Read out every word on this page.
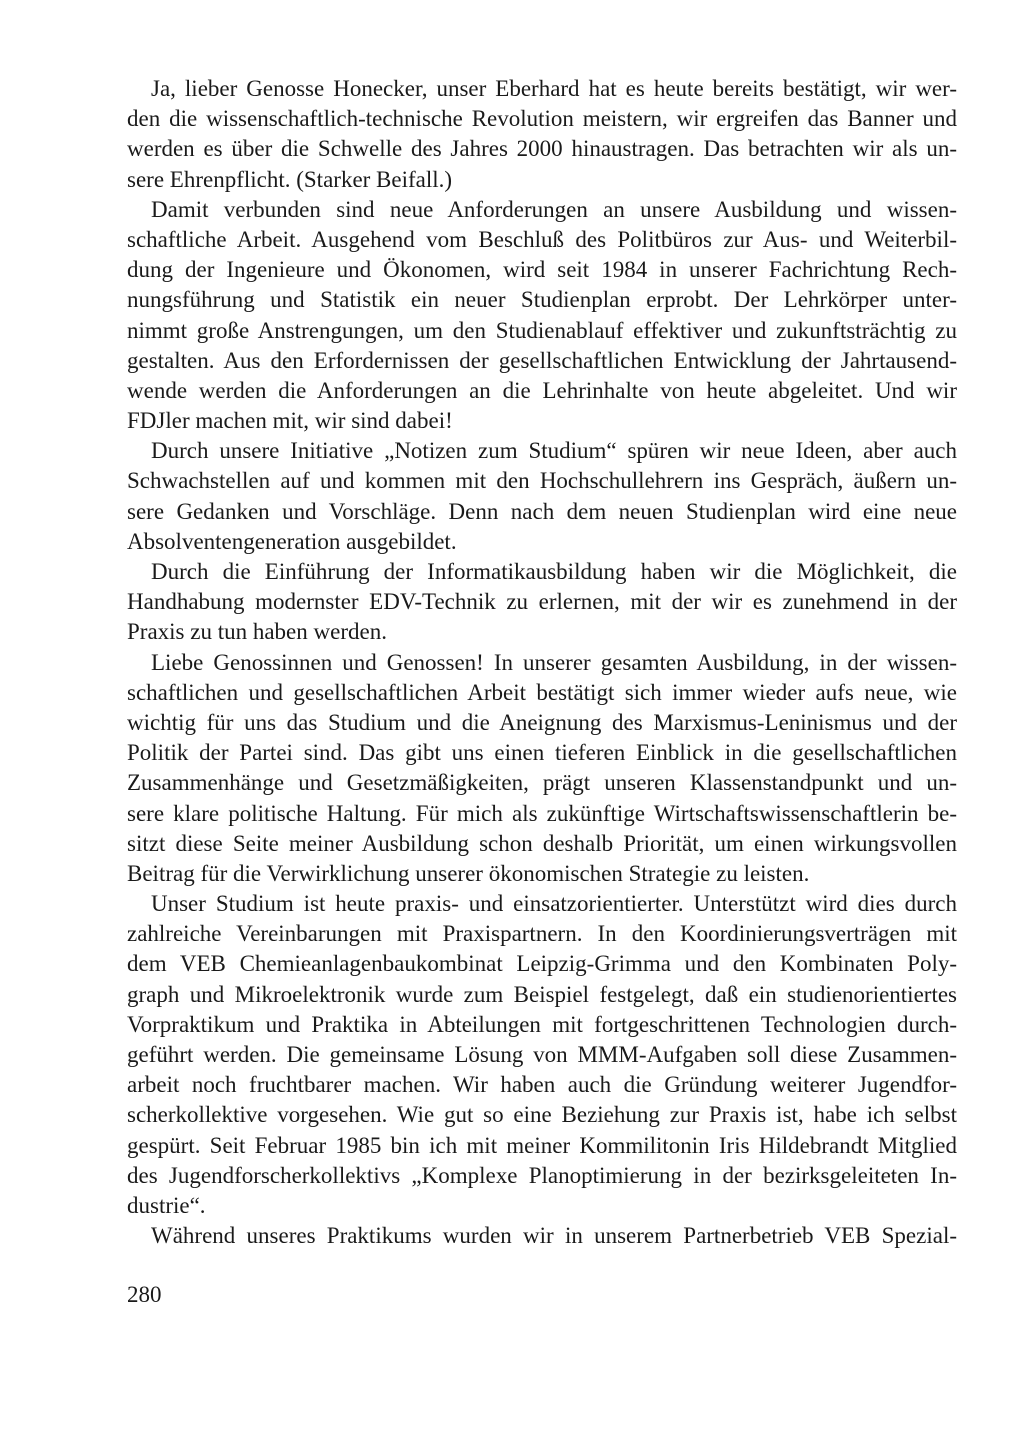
Ja, lieber Genosse Honecker, unser Eberhard hat es heute bereits bestätigt, wir wer-
den die wissenschaftlich-technische Revolution meistern, wir ergreifen das Banner und
werden es über die Schwelle des Jahres 2000 hinaustragen. Das betrachten wir als un-
sere Ehrenpflicht. (Starker Beifall.)
Damit verbunden sind neue Anforderungen an unsere Ausbildung und wissen-
schaftliche Arbeit. Ausgehend vom Beschluß des Politbüros zur Aus- und Weiterbil-
dung der Ingenieure und Ökonomen, wird seit 1984 in unserer Fachrichtung Rech-
nungsführung und Statistik ein neuer Studienplan erprobt. Der Lehrkörper unter-
nimmt große Anstrengungen, um den Studienablauf effektiver und zukunftsträchtig zu
gestalten. Aus den Erfordernissen der gesellschaftlichen Entwicklung der Jahrtausend-
wende werden die Anforderungen an die Lehrinhalte von heute abgeleitet. Und wir
FDJler machen mit, wir sind dabei!
Durch unsere Initiative „Notizen zum Studium“ spüren wir neue Ideen, aber auch
Schwachstellen auf und kommen mit den Hochschullehrern ins Gespräch, äußern un-
sere Gedanken und Vorschläge. Denn nach dem neuen Studienplan wird eine neue
Absolventengeneration ausgebildet.
Durch die Einführung der Informatikausbildung haben wir die Möglichkeit, die
Handhabung modernster EDV-Technik zu erlernen, mit der wir es zunehmend in der
Praxis zu tun haben werden.
Liebe Genossinnen und Genossen! In unserer gesamten Ausbildung, in der wissen-
schaftlichen und gesellschaftlichen Arbeit bestätigt sich immer wieder aufs neue, wie
wichtig für uns das Studium und die Aneignung des Marxismus-Leninismus und der
Politik der Partei sind. Das gibt uns einen tieferen Einblick in die gesellschaftlichen
Zusammenhänge und Gesetzmäßigkeiten, prägt unseren Klassenstandpunkt und un-
sere klare politische Haltung. Für mich als zukünftige Wirtschaftswissenschaftlerin be-
sitzt diese Seite meiner Ausbildung schon deshalb Priorität, um einen wirkungsvollen
Beitrag für die Verwirklichung unserer ökonomischen Strategie zu leisten.
Unser Studium ist heute praxis- und einsatzorientierter. Unterstützt wird dies durch
zahlreiche Vereinbarungen mit Praxispartnern. In den Koordinierungsverträgen mit
dem VEB Chemieanlagenbaukombinat Leipzig-Grimma und den Kombinaten Poly-
graph und Mikroelektronik wurde zum Beispiel festgelegt, daß ein studienorientiertes
Vorpraktikum und Praktika in Abteilungen mit fortgeschrittenen Technologien durch-
geführt werden. Die gemeinsame Lösung von MMM-Aufgaben soll diese Zusammen-
arbeit noch fruchtbarer machen. Wir haben auch die Gründung weiterer Jugendfor-
scherkollektive vorgesehen. Wie gut so eine Beziehung zur Praxis ist, habe ich selbst
gespürt. Seit Februar 1985 bin ich mit meiner Kommilitonin Iris Hildebrandt Mitglied
des Jugendforscherkollektivs „Komplexe Planoptimierung in der bezirksgeleiteten In-
dustrie“.
Während unseres Praktikums wurden wir in unserem Partnerbetrieb VEB Spezial-
280
